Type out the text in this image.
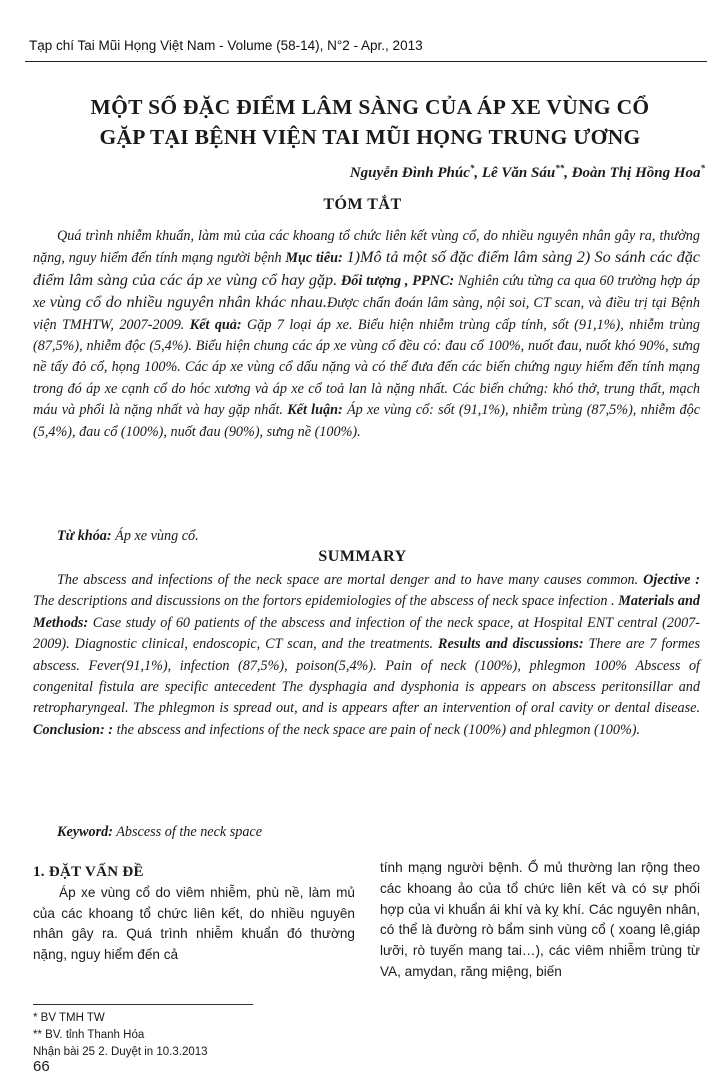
Tạp chí Tai Mũi Họng Việt Nam - Volume (58-14), N°2 - Apr., 2013
MỘT SỐ ĐẶC ĐIỂM LÂM SÀNG CỦA ÁP XE VÙNG CỔ
GẶP TẠI BỆNH VIỆN TAI MŨI HỌNG TRUNG ƯƠNG
Nguyễn Đình Phúc*, Lê Văn Sáu**, Đoàn Thị Hồng Hoa*
TÓM TẮT
Quá trình nhiễm khuẩn, làm mủ của các khoang tổ chức liên kết vùng cổ, do nhiều nguyên nhân gây ra, thường nặng, nguy hiểm đến tính mạng người bệnh Mục tiêu: 1)Mô tả một số đặc điểm lâm sàng 2) So sánh các đặc điểm lâm sàng của các áp xe vùng cổ hay gặp. Đối tượng , PPNC: Nghiên cứu từng ca qua 60 trường hợp áp xe vùng cổ do nhiều nguyên nhân khác nhau.Được chẩn đoán lâm sàng, nội soi, CT scan, và điều trị tại Bệnh viện TMHTW, 2007-2009. Kết quả: Gặp 7 loại áp xe. Biểu hiện nhiễm trùng cấp tính, sốt (91,1%), nhiễm trùng (87,5%), nhiễm độc (5,4%). Biểu hiện chung các áp xe vùng cổ đều có: đau cổ 100%, nuốt đau, nuốt khó 90%, sưng nề tấy đỏ cổ, họng 100%. Các áp xe vùng cổ dấu nặng và có thể đưa đến các biến chứng nguy hiểm đến tính mạng trong đó áp xe cạnh cổ do hóc xương và áp xe cổ toả lan là nặng nhất. Các biến chứng: khó thở, trung thất, mạch máu và phổi là nặng nhất và hay gặp nhất. Kết luận: Áp xe vùng cổ: sốt (91,1%), nhiễm trùng (87,5%), nhiễm độc (5,4%), đau cổ (100%), nuốt đau (90%), sưng nề (100%).
Từ khóa: Áp xe vùng cổ.
SUMMARY
The abscess and infections of the neck space are mortal denger and to have many causes common. Ojective : The descriptions and discussions on the fortors epidemiologies of the abscess of neck space infection . Materials and Methods: Case study of 60 patients of the abscess and infection of the neck space, at Hospital ENT central (2007-2009). Diagnostic clinical, endoscopic, CT scan, and the treatments. Results and discussions: There are 7 formes abscess. Fever(91,1%), infection (87,5%), poison(5,4%). Pain of neck (100%), phlegmon 100% Abscess of congenital fistula are specific antecedent The dysphagia and dysphonia is appears on abscess peritonsillar and retropharyngeal. The phlegmon is spread out, and is appears after an intervention of oral cavity or dental disease. Conclusion: : the abscess and infections of the neck space are pain of neck (100%) and phlegmon (100%).
Keyword: Abscess of the neck space
1. ĐẶT VẤN ĐỀ
Áp xe vùng cổ do viêm nhiễm, phù nề, làm mủ của các khoang tổ chức liên kết, do nhiều nguyên nhân gây ra. Quá trình nhiễm khuẩn đó thường nặng, nguy hiểm đến cả
tính mạng người bệnh. Ổ mủ thường lan rộng theo các khoang ảo của tổ chức liên kết và có sự phối hợp của vi khuẩn ái khí và kỵ khí. Các nguyên nhân, có thể là đường rò bẩm sinh vùng cổ ( xoang lê,giáp lưỡi, rò tuyến mang tai…), các viêm nhiễm trùng từ VA, amydan, răng miệng, biến
* BV TMH TW
** BV. tỉnh Thanh Hóa
Nhận bài 25 2. Duyệt in 10.3.2013
66
